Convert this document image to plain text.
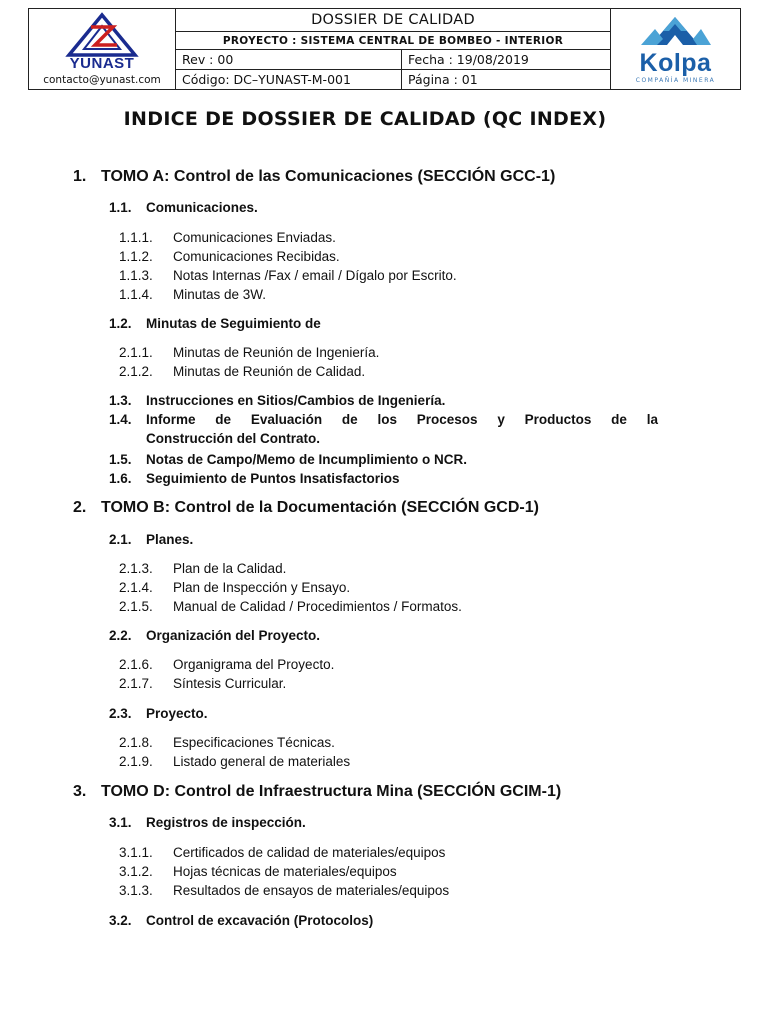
YUNAST
contacto@yunast.com
DOSSIER DE CALIDAD
PROYECTO : SISTEMA CENTRAL DE BOMBEO - INTERIOR
Rev : 00	Fecha : 19/08/2019
Código: DC–YUNAST-M-001	Página : 01
Kolpa
COMPAÑÍA MINERA
INDICE DE DOSSIER DE CALIDAD (QC INDEX)
1. TOMO A: Control de las Comunicaciones (SECCIÓN GCC-1)
1.1. Comunicaciones.
1.1.1. Comunicaciones Enviadas.
1.1.2. Comunicaciones Recibidas.
1.1.3. Notas Internas /Fax / email / Dígalo por Escrito.
1.1.4. Minutas de 3W.
1.2. Minutas de Seguimiento de
2.1.1. Minutas de Reunión de Ingeniería.
2.1.2. Minutas de Reunión de Calidad.
1.3. Instrucciones en Sitios/Cambios de Ingeniería.
1.4. Informe de Evaluación de los Procesos y Productos de la
Construcción del Contrato.
1.5. Notas de Campo/Memo de Incumplimiento o NCR.
1.6. Seguimiento de Puntos Insatisfactorios
2. TOMO B: Control de la Documentación (SECCIÓN GCD-1)
2.1. Planes.
2.1.3. Plan de la Calidad.
2.1.4. Plan de Inspección y Ensayo.
2.1.5. Manual de Calidad / Procedimientos / Formatos.
2.2. Organización del Proyecto.
2.1.6. Organigrama del Proyecto.
2.1.7. Síntesis Curricular.
2.3. Proyecto.
2.1.8. Especificaciones Técnicas.
2.1.9. Listado general de materiales
3. TOMO D: Control de Infraestructura Mina (SECCIÓN GCIM-1)
3.1. Registros de inspección.
3.1.1. Certificados de calidad de materiales/equipos
3.1.2. Hojas técnicas de materiales/equipos
3.1.3. Resultados de ensayos de materiales/equipos
3.2. Control de excavación (Protocolos)
